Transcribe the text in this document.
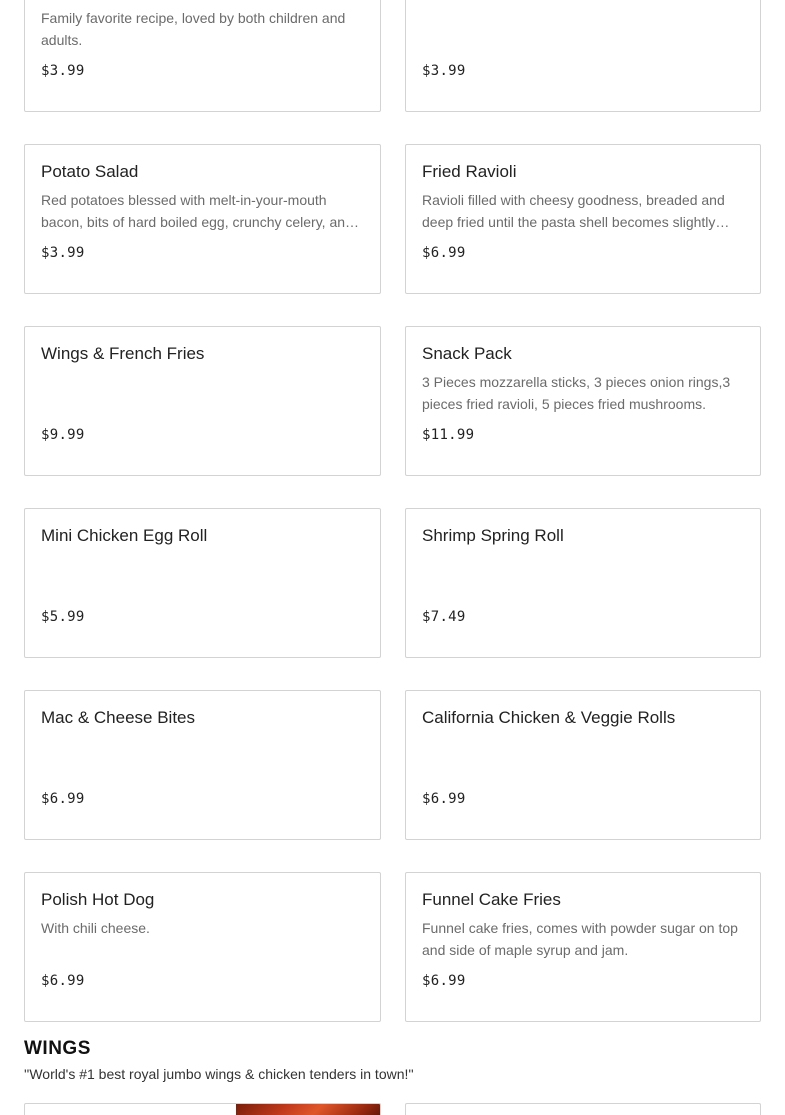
Family favorite recipe, loved by both children and adults.
$3.99	$3.99
Potato Salad
Red potatoes blessed with melt-in-your-mouth bacon, bits of hard boiled egg, crunchy celery, and
$3.99
Fried Ravioli
Ravioli filled with cheesy goodness, breaded and deep fried until the pasta shell becomes slightly
$6.99
Wings & French Fries
$9.99
Snack Pack
3 Pieces mozzarella sticks, 3 pieces onion rings,3 pieces fried ravioli, 5 pieces fried mushrooms.
$11.99
Mini Chicken Egg Roll
$5.99
Shrimp Spring Roll
$7.49
Mac & Cheese Bites
$6.99
California Chicken & Veggie Rolls
$6.99
Polish Hot Dog
With chili cheese.
$6.99
Funnel Cake Fries
Funnel cake fries, comes with powder sugar on top and side of maple syrup and jam.
$6.99
WINGS

''World's #1 best royal jumbo wings & chicken tenders in town!''
